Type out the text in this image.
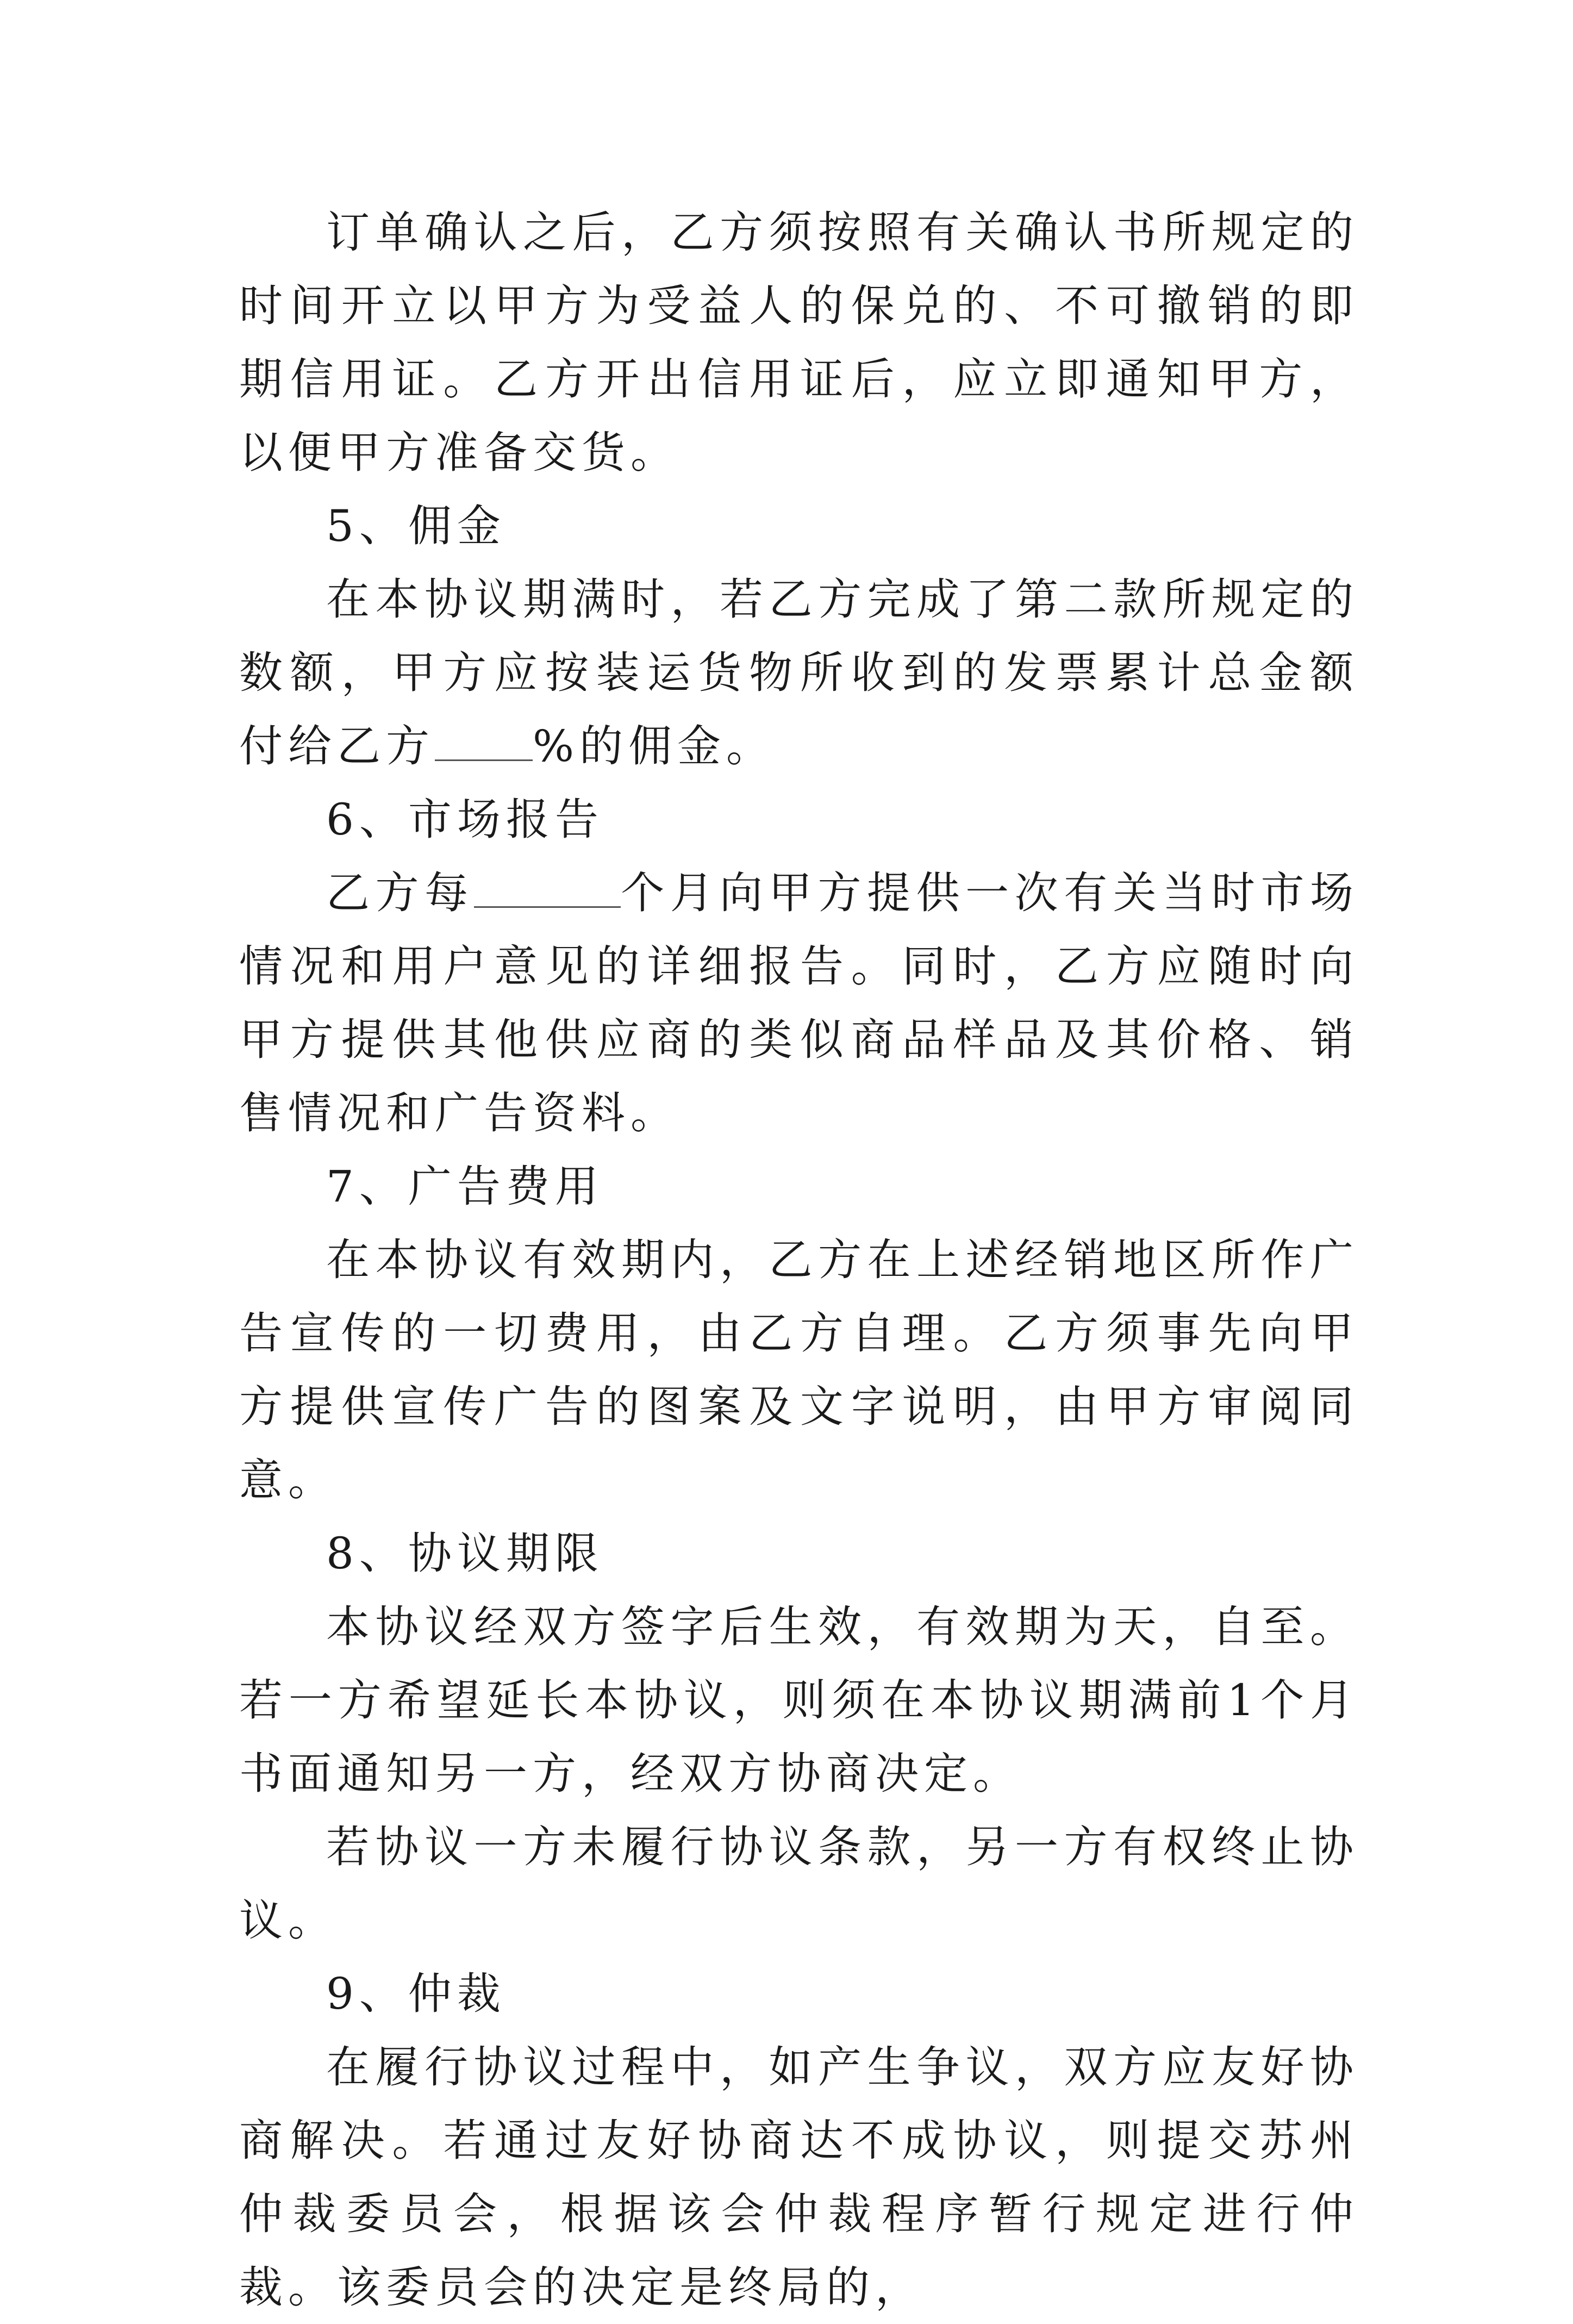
订单确认之后，乙方须按照有关确认书所规定的时间开立以甲方为受益人的保兑的、不可撤销的即期信用证。乙方开出信用证后，应立即通知甲方，以便甲方准备交货。

5、佣金

在本协议期满时，若乙方完成了第二款所规定的数额，甲方应按装运货物所收到的发票累计总金额付给乙方 %的佣金。

6、市场报告

乙方每	个月向甲方提供一次有关当时市场情况和用户意见的详细报告。同时，乙方应随时向甲方提供其他供应商的类似商品样品及其价格、销售情况和广告资料。

7、广告费用

在本协议有效期内，乙方在上述经销地区所作广告宣传的一切费用，由乙方自理。乙方须事先向甲方提供宣传广告的图案及文字说明，由甲方审阅同意。

8、协议期限

本协议经双方签字后生效，有效期为天，自至。若一方希望延长本协议，则须在本协议期满前1个月书面通知另一方，经双方协商决定。

若协议一方未履行协议条款，另一方有权终止协议。

9、仲裁

在履行协议过程中，如产生争议，双方应友好协商解决。若通过友好协商达不成协议，则提交苏州仲裁委员会，根据该会仲裁程序暂行规定进行仲裁。该委员会的决定是终局的，
